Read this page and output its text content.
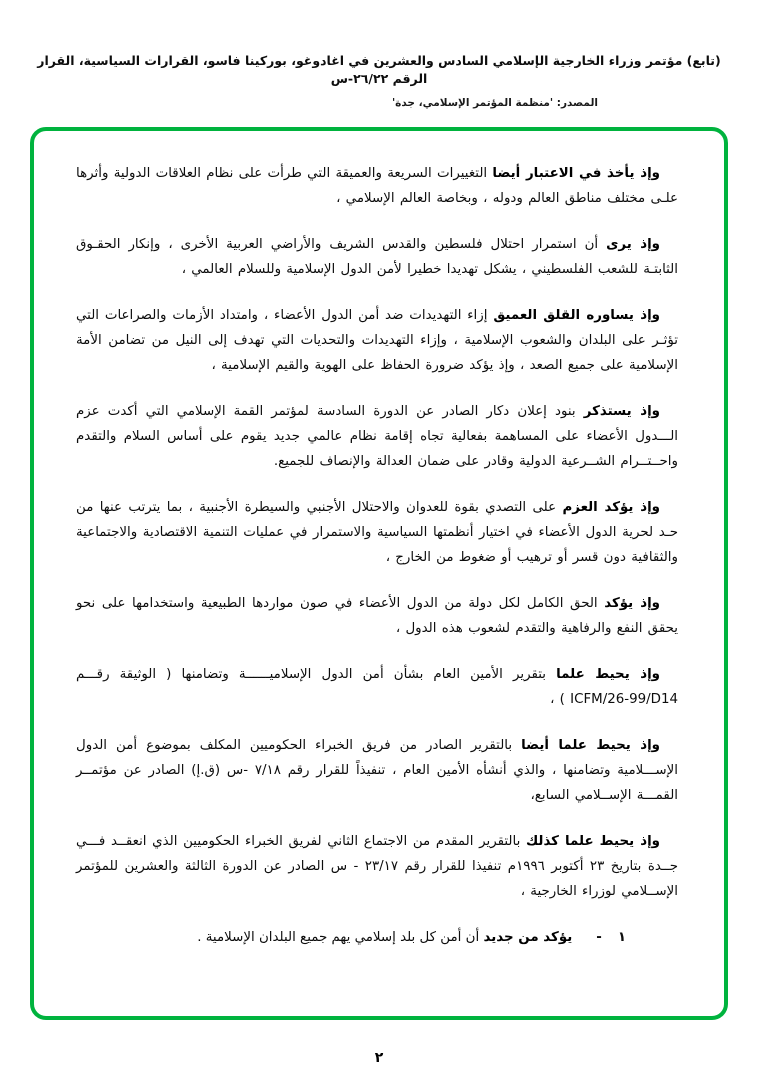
(تابع) مؤتمر وزراء الخارجية الإسلامي السادس والعشرين في اغادوغو، بوركينا فاسو، القرارات السياسية، القرار الرقم ٢٦/٢٢-س
المصدر: 'منظمة المؤتمر الإسلامي، جدة'

وإذ يأخذ في الاعتبار أيضا التغييرات السريعة والعميقة التي طرأت على نظام العلاقات الدولية وأثرها علـى مختلف مناطق العالم ودوله ، وبخاصة العالم الإسلامي ،

وإذ يرى أن استمرار احتلال فلسطين والقدس الشريف والأراضي العربية الأخرى ، وإنكار الحقـوق الثابتـة للشعب الفلسطيني ، يشكل تهديدا خطيرا لأمن الدول الإسلامية وللسلام العالمي ،

وإذ يساوره القلق العميق إزاء التهديدات ضد أمن الدول الأعضاء ، وامتداد الأزمات والصراعات التي تؤثـر على البلدان والشعوب الإسلامية ، وإزاء التهديدات والتحديات التي تهدف إلى النيل من تضامن الأمة الإسلامية على جميع الصعد ، وإذ يؤكد ضرورة الحفاظ على الهوية والقيم الإسلامية ،

وإذ يستذكر بنود إعلان دكار الصادر عن الدورة السادسة لمؤتمر القمة الإسلامي التي أكدت عزم الـــدول الأعضاء على المساهمة بفعالية تجاه إقامة نظام عالمي جديد يقوم على أساس السلام والتقدم واحــتــرام الشــرعية الدولية وقادر على ضمان العدالة والإنصاف للجميع.

وإذ يؤكد العزم على التصدي بقوة للعدوان والاحتلال الأجنبي والسيطرة الأجنبية ، بما يترتب عنها من حـد لحرية الدول الأعضاء في اختيار أنظمتها السياسية والاستمرار في عمليات التنمية الاقتصادية والاجتماعية والثقافية دون قسر أو ترهيب أو ضغوط من الخارج ،

وإذ يؤكد الحق الكامل لكل دولة من الدول الأعضاء في صون مواردها الطبيعية واستخدامها على نحو يحقق النفع والرفاهية والتقدم لشعوب هذه الدول ،

وإذ يحيط علما بتقرير الأمين العام بشأن أمن الدول الإسلاميــــــة وتضامنها ( الوثيقة رقـــم ICFM/26-99/D14 ) ،

وإذ يحيط علما أيضا بالتقرير الصادر من فريق الخبراء الحكوميين المكلف بموضوع أمن الدول الإســـلامية وتضامنها ، والذي أنشأه الأمين العام ، تنفيذاً للقرار رقم ٧/١٨ -س (ق.إ) الصادر عن مؤتمــر القمـــة الإســلامي السابع،

وإذ يحيط علما كذلك بالتقرير المقدم من الاجتماع الثاني لفريق الخبراء الحكوميين الذي انعقــد فـــي جــدة بتاريخ ٢٣ أكتوبر ١٩٩٦م تنفيذا للقرار رقم ٢٣/١٧ - س الصادر عن الدورة الثالثة والعشرين للمؤتمر الإســلامي لوزراء الخارجية ،

١-يؤكد من جديد أن أمن كل بلد إسلامي يهم جميع البلدان الإسلامية .

٢
